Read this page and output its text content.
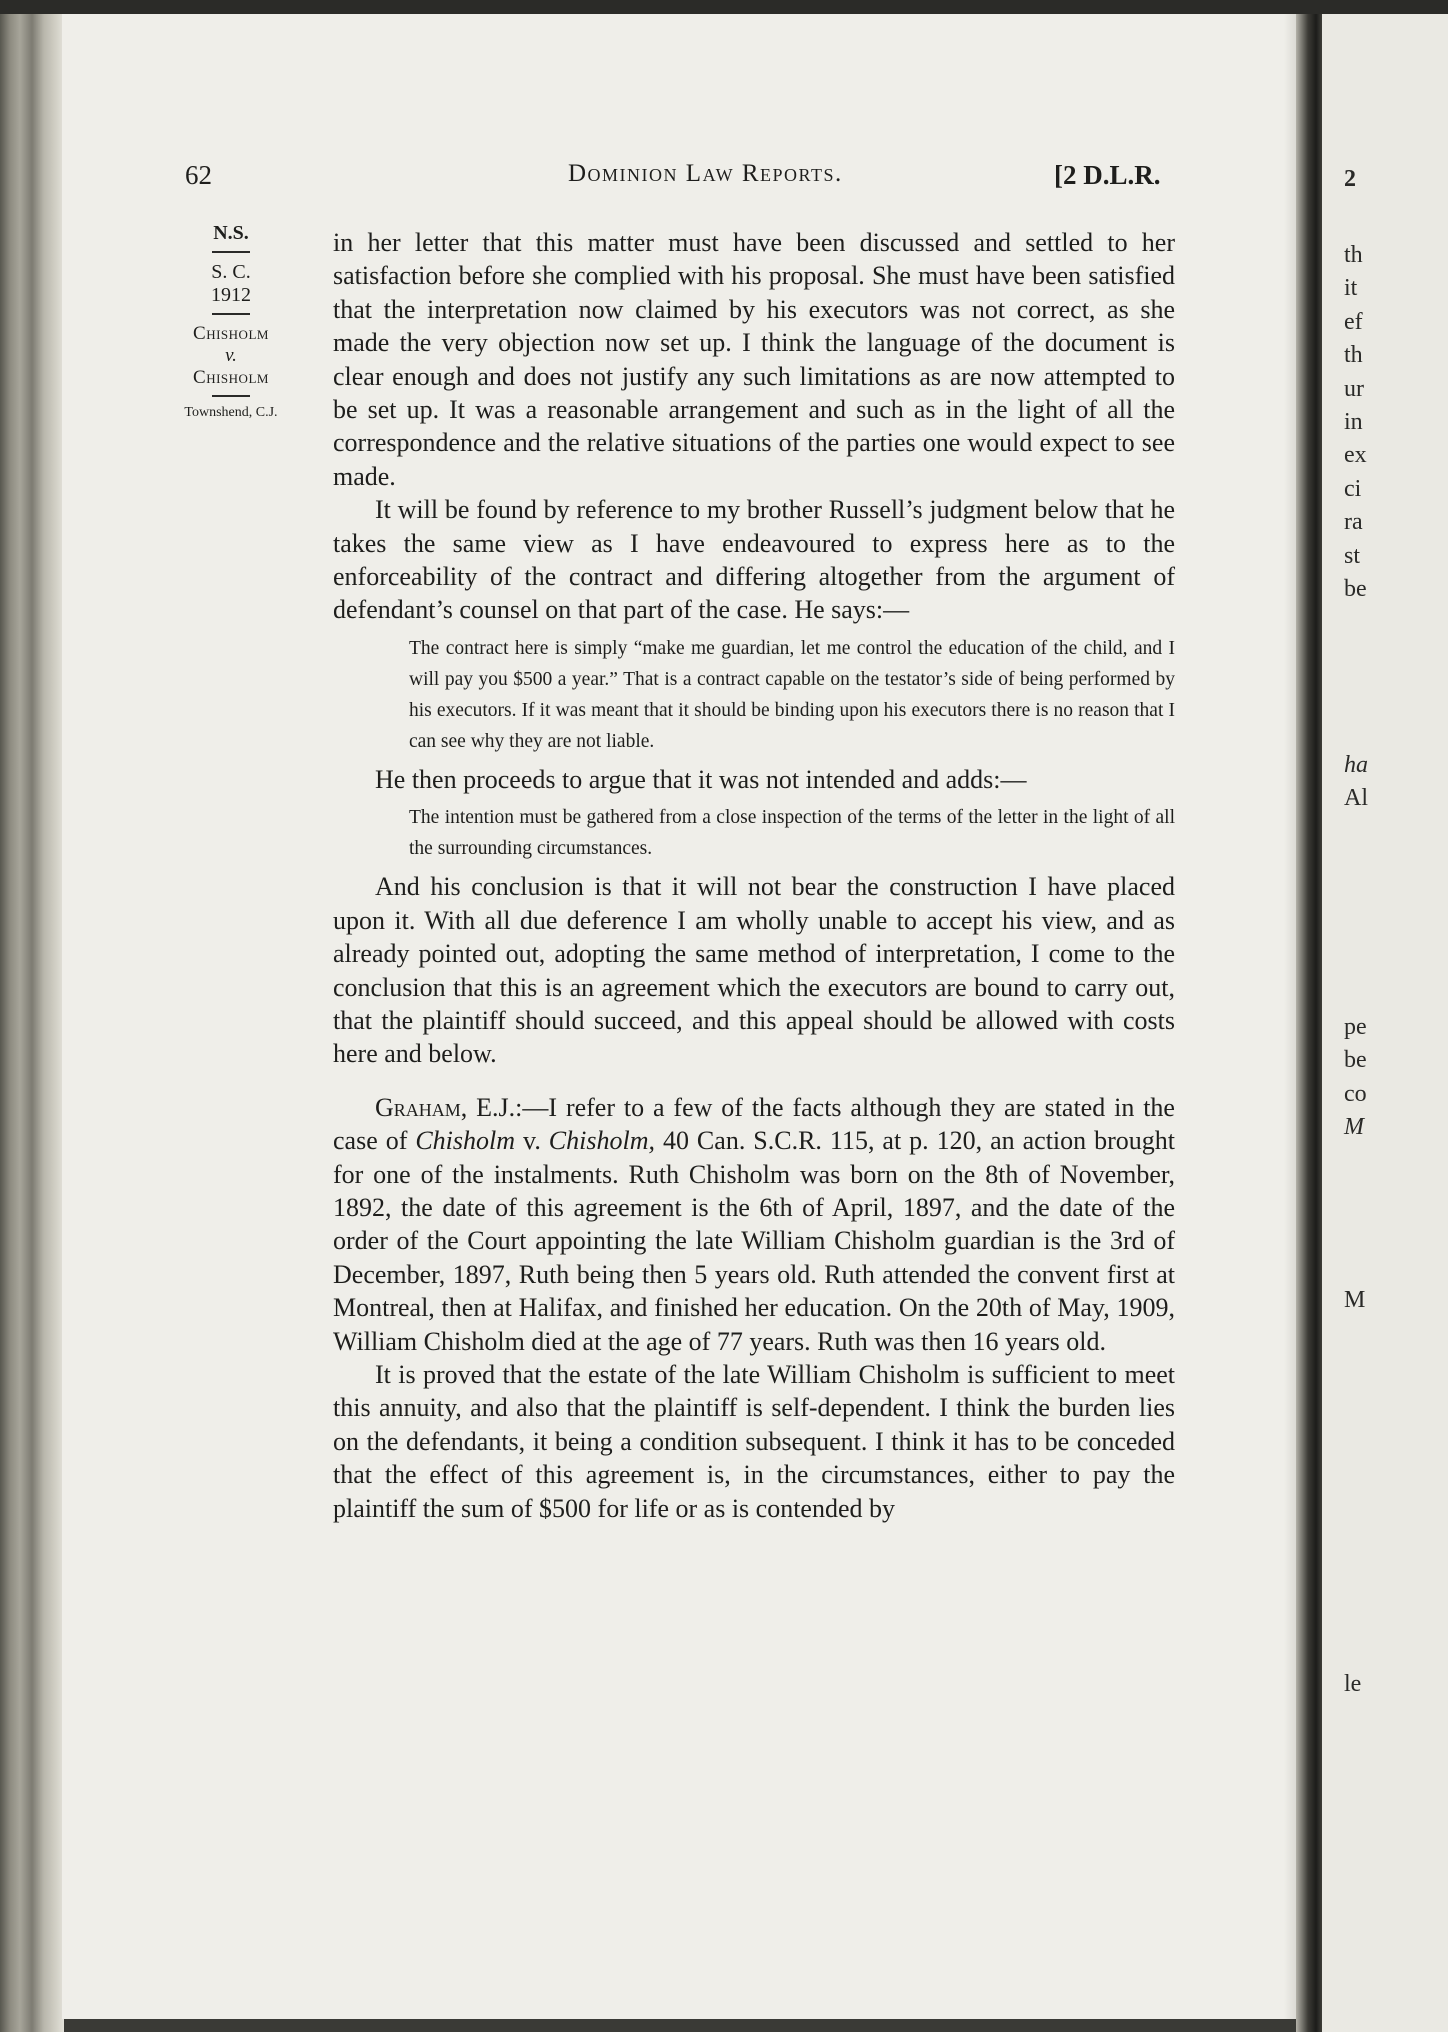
2
th
it
ef
th
ur
in
ex
ci
ra
st
be
ha
Al
pe
be
co
M
M
le
62	Dominion Law Reports.	[2 D.L.R.
N.S.
S. C.
1912
Chisholm
v.
Chisholm
Townshend, C.J.

in her letter that this matter must have been discussed and settled to her satisfaction before she complied with his proposal. She must have been satisfied that the interpretation now claimed by his executors was not correct, as she made the very objection now set up. I think the language of the document is clear enough and does not justify any such limitations as are now attempted to be set up. It was a reasonable arrangement and such as in the light of all the correspondence and the relative situations of the parties one would expect to see made.

It will be found by reference to my brother Russell’s judgment below that he takes the same view as I have endeavoured to express here as to the enforceability of the contract and differing altogether from the argument of defendant’s counsel on that part of the case. He says:—

The contract here is simply “make me guardian, let me control the education of the child, and I will pay you $500 a year.” That is a contract capable on the testator’s side of being performed by his executors. If it was meant that it should be binding upon his executors there is no reason that I can see why they are not liable.

He then proceeds to argue that it was not intended and adds:—

The intention must be gathered from a close inspection of the terms of the letter in the light of all the surrounding circumstances.

And his conclusion is that it will not bear the construction I have placed upon it. With all due deference I am wholly unable to accept his view, and as already pointed out, adopting the same method of interpretation, I come to the conclusion that this is an agreement which the executors are bound to carry out, that the plaintiff should succeed, and this appeal should be allowed with costs here and below.

Graham, E.J.:—I refer to a few of the facts although they are stated in the case of Chisholm v. Chisholm, 40 Can. S.C.R. 115, at p. 120, an action brought for one of the instalments. Ruth Chisholm was born on the 8th of November, 1892, the date of this agreement is the 6th of April, 1897, and the date of the order of the Court appointing the late William Chisholm guardian is the 3rd of December, 1897, Ruth being then 5 years old. Ruth attended the convent first at Montreal, then at Halifax, and finished her education. On the 20th of May, 1909, William Chisholm died at the age of 77 years. Ruth was then 16 years old.

It is proved that the estate of the late William Chisholm is sufficient to meet this annuity, and also that the plaintiff is self-dependent. I think the burden lies on the defendants, it being a condition subsequent. I think it has to be conceded that the effect of this agreement is, in the circumstances, either to pay the plaintiff the sum of $500 for life or as is contended by
